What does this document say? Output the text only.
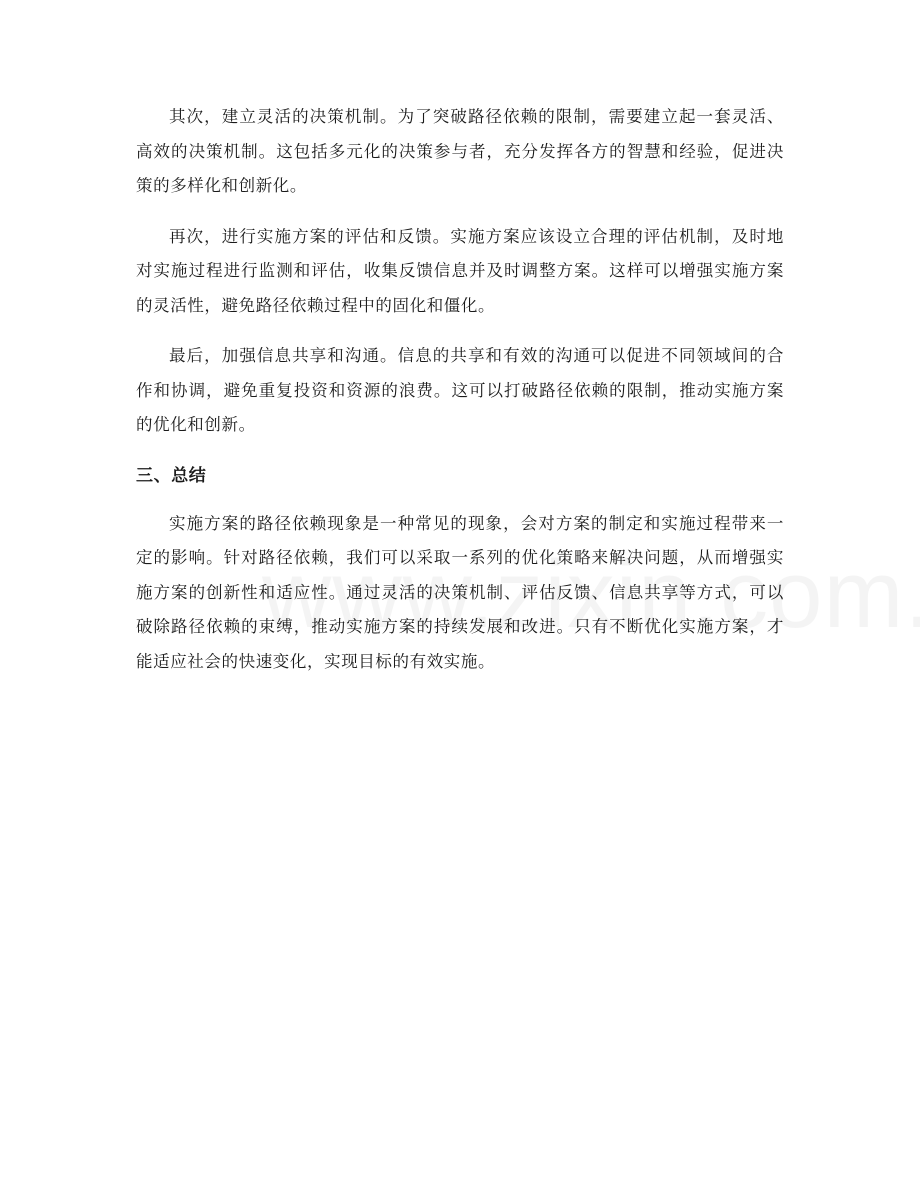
其次，建立灵活的决策机制。为了突破路径依赖的限制，需要建立起一套灵活、高效的决策机制。这包括多元化的决策参与者，充分发挥各方的智慧和经验，促进决策的多样化和创新化。

再次，进行实施方案的评估和反馈。实施方案应该设立合理的评估机制，及时地对实施过程进行监测和评估，收集反馈信息并及时调整方案。这样可以增强实施方案的灵活性，避免路径依赖过程中的固化和僵化。

最后，加强信息共享和沟通。信息的共享和有效的沟通可以促进不同领域间的合作和协调，避免重复投资和资源的浪费。这可以打破路径依赖的限制，推动实施方案的优化和创新。

三、总结

实施方案的路径依赖现象是一种常见的现象，会对方案的制定和实施过程带来一定的影响。针对路径依赖，我们可以采取一系列的优化策略来解决问题，从而增强实施方案的创新性和适应性。通过灵活的决策机制、评估反馈、信息共享等方式，可以破除路径依赖的束缚，推动实施方案的持续发展和改进。只有不断优化实施方案，才能适应社会的快速变化，实现目标的有效实施。
